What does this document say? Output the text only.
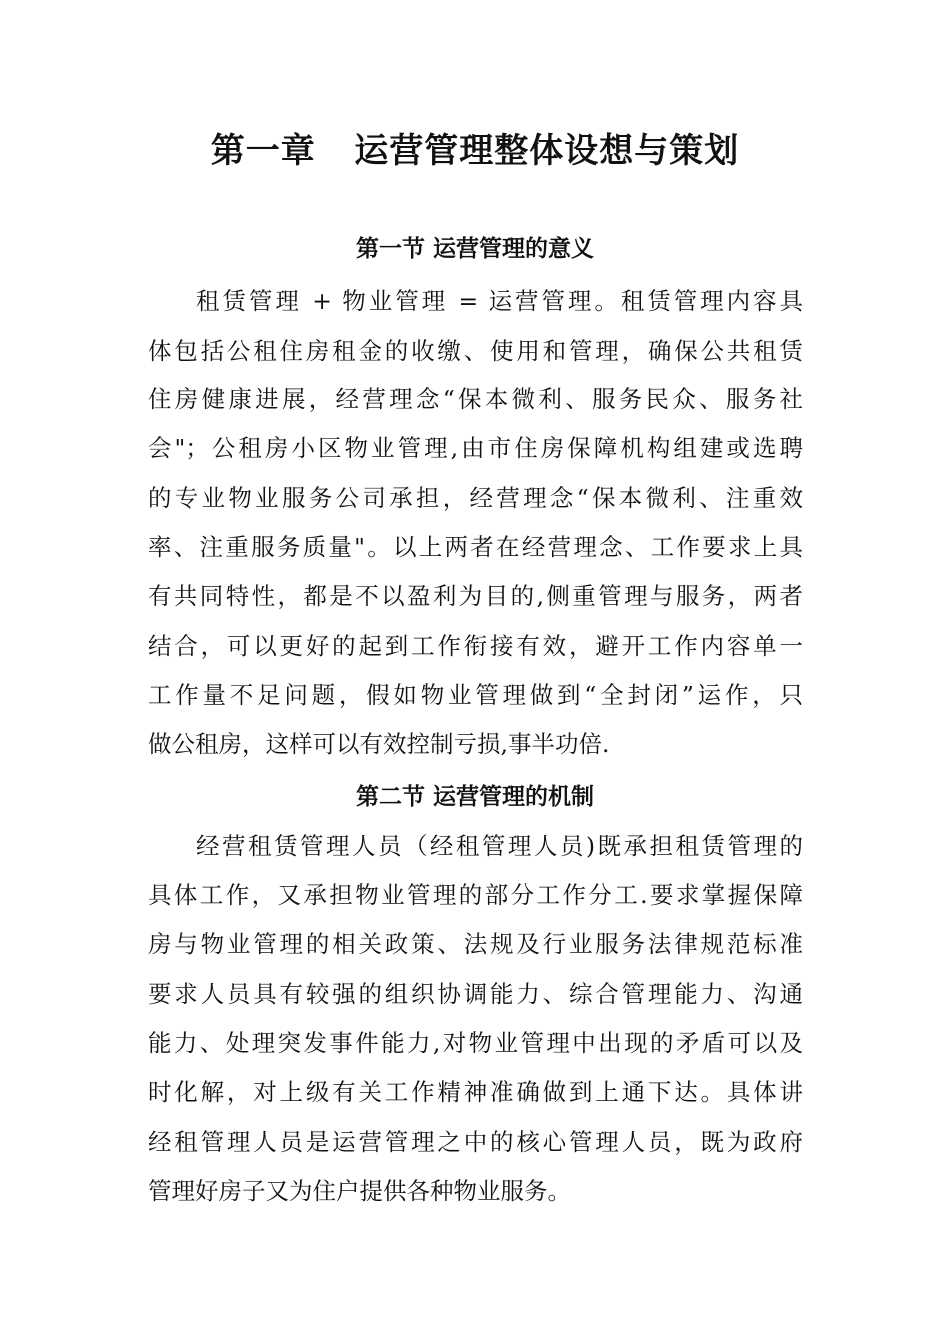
第一章   运营管理整体设想与策划
第一节 运营管理的意义
租赁管理 + 物业管理 = 运营管理。租赁管理内容具
体包括公租住房租金的收缴、使用和管理，确保公共租赁
住房健康进展，经营理念“保本微利、服务民众、服务社
会"；公租房小区物业管理,由市住房保障机构组建或选聘
的专业物业服务公司承担，经营理念“保本微利、注重效
率、注重服务质量"。以上两者在经营理念、工作要求上具
有共同特性，都是不以盈利为目的,侧重管理与服务，两者
结合，可以更好的起到工作衔接有效，避开工作内容单一
工作量不足问题，假如物业管理做到“全封闭”运作，只
做公租房，这样可以有效控制亏损,事半功倍.
第二节 运营管理的机制
经营租赁管理人员（经租管理人员)既承担租赁管理的
具体工作，又承担物业管理的部分工作分工.要求掌握保障
房与物业管理的相关政策、法规及行业服务法律规范标准
要求人员具有较强的组织协调能力、综合管理能力、沟通
能力、处理突发事件能力,对物业管理中出现的矛盾可以及
时化解，对上级有关工作精神准确做到上通下达。具体讲
经租管理人员是运营管理之中的核心管理人员，既为政府
管理好房子又为住户提供各种物业服务。
